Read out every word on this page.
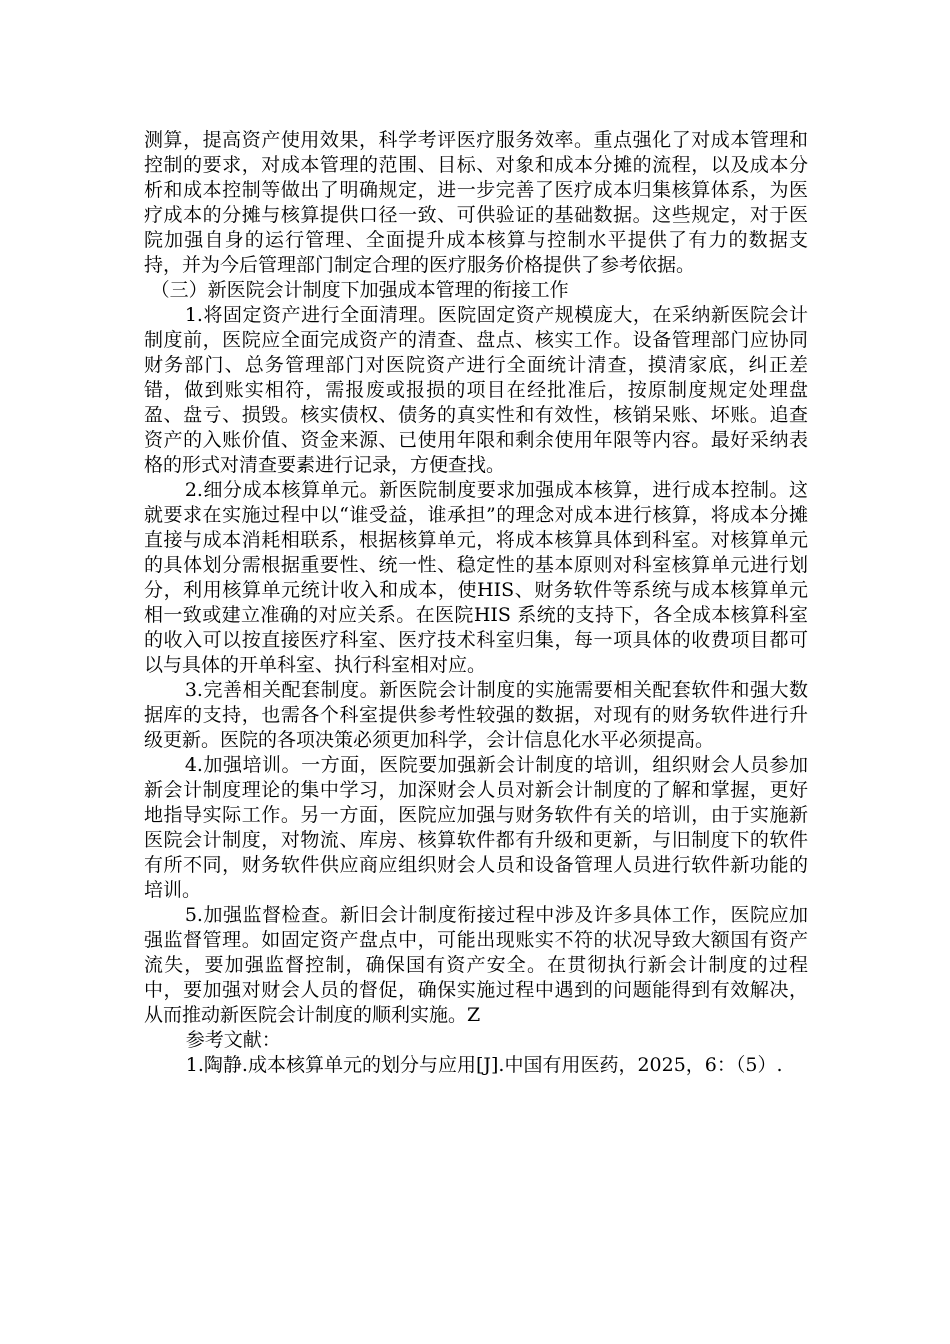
测算，提高资产使用效果，科学考评医疗服务效率。重点强化了对成本管理和控制的要求，对成本管理的范围、目标、对象和成本分摊的流程，以及成本分析和成本控制等做出了明确规定，进一步完善了医疗成本归集核算体系，为医疗成本的分摊与核算提供口径一致、可供验证的基础数据。这些规定，对于医院加强自身的运行管理、全面提升成本核算与控制水平提供了有力的数据支持，并为今后管理部门制定合理的医疗服务价格提供了参考依据。

（三）新医院会计制度下加强成本管理的衔接工作

1.将固定资产进行全面清理。医院固定资产规模庞大，在采纳新医院会计制度前，医院应全面完成资产的清查、盘点、核实工作。设备管理部门应协同财务部门、总务管理部门对医院资产进行全面统计清查，摸清家底，纠正差错，做到账实相符，需报废或报损的项目在经批准后，按原制度规定处理盘盈、盘亏、损毁。核实债权、债务的真实性和有效性，核销呆账、坏账。追查资产的入账价值、资金来源、已使用年限和剩余使用年限等内容。最好采纳表格的形式对清查要素进行记录，方便查找。

2.细分成本核算单元。新医院制度要求加强成本核算，进行成本控制。这就要求在实施过程中以“谁受益，谁承担”的理念对成本进行核算，将成本分摊直接与成本消耗相联系，根据核算单元，将成本核算具体到科室。对核算单元的具体划分需根据重要性、统一性、稳定性的基本原则对科室核算单元进行划分，利用核算单元统计收入和成本，使HIS、财务软件等系统与成本核算单元相一致或建立准确的对应关系。在医院HIS 系统的支持下，各全成本核算科室的收入可以按直接医疗科室、医疗技术科室归集，每一项具体的收费项目都可以与具体的开单科室、执行科室相对应。

3.完善相关配套制度。新医院会计制度的实施需要相关配套软件和强大数据库的支持，也需各个科室提供参考性较强的数据，对现有的财务软件进行升级更新。医院的各项决策必须更加科学，会计信息化水平必须提高。

4.加强培训。一方面，医院要加强新会计制度的培训，组织财会人员参加新会计制度理论的集中学习，加深财会人员对新会计制度的了解和掌握，更好地指导实际工作。另一方面，医院应加强与财务软件有关的培训，由于实施新医院会计制度，对物流、库房、核算软件都有升级和更新，与旧制度下的软件有所不同，财务软件供应商应组织财会人员和设备管理人员进行软件新功能的培训。

5.加强监督检查。新旧会计制度衔接过程中涉及许多具体工作，医院应加强监督管理。如固定资产盘点中，可能出现账实不符的状况导致大额国有资产流失，要加强监督控制，确保国有资产安全。在贯彻执行新会计制度的过程中，要加强对财会人员的督促，确保实施过程中遇到的问题能得到有效解决，从而推动新医院会计制度的顺利实施。Z

参考文献：

1.陶静.成本核算单元的划分与应用[J].中国有用医药，2025，6：（5）.
